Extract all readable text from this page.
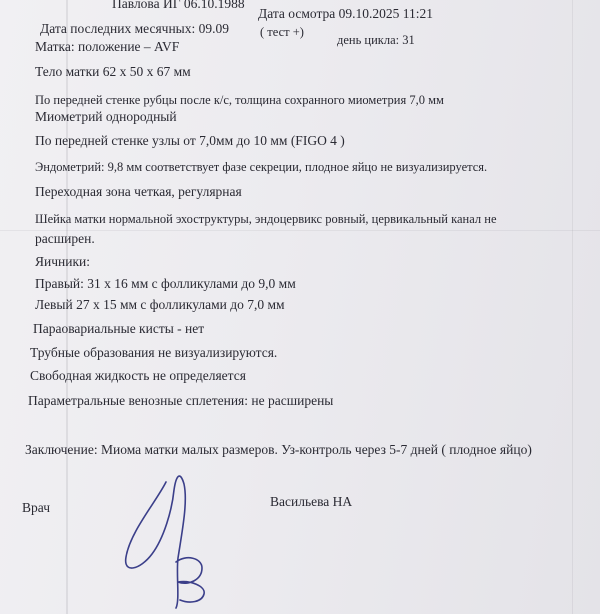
Павлова ИГ 06.10.1988
Дата осмотра 09.10.2025 11:21
Дата последних месячных: 09.09 ( тест +)
день цикла: 31
Матка: положение – AVF
Тело матки 62 х 50 х 67 мм
По передней стенке рубцы после к/с, толщина сохранного миометрия 7,0 мм
Миометрий однородный
По передней стенке узлы от 7,0мм до 10 мм (FIGO 4 )
Эндометрий: 9,8 мм соответствует фазе секреции, плодное яйцо не визуализируется.
Переходная зона четкая, регулярная
Шейка матки нормальной эхоструктуры, эндоцервикс ровный, цервикальный канал не
расширен.
Яичники:
Правый: 31 х 16 мм с фолликулами до 9,0 мм
Левый 27 х 15 мм с фолликулами до 7,0 мм
Параовариальные кисты - нет
Трубные образования не визуализируются.
Свободная жидкость не определяется
Параметральные венозные сплетения: не расширены
Заключение: Миома матки малых размеров. Уз-контроль через 5-7 дней ( плодное яйцо)
Врач	Васильева НА
